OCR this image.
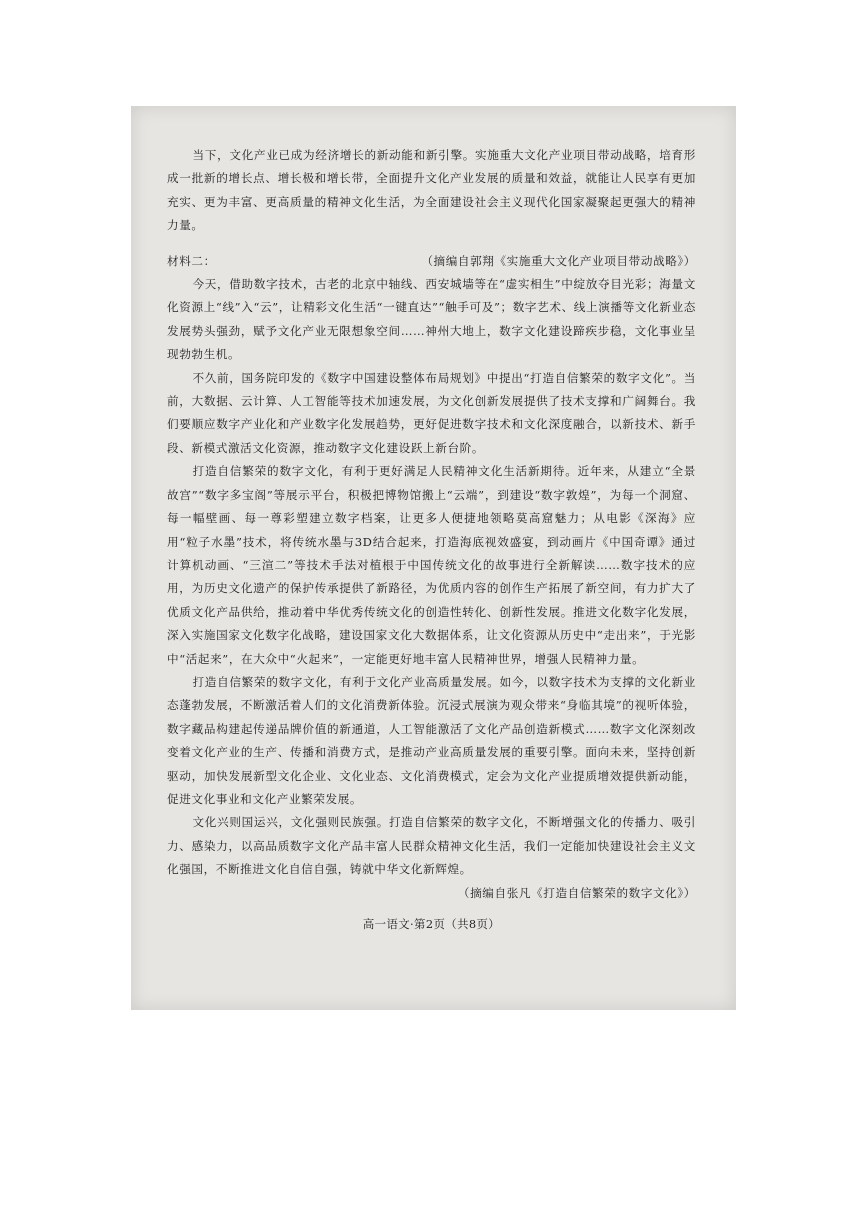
当下，文化产业已成为经济增长的新动能和新引擎。实施重大文化产业项目带动战略，培育形成一批新的增长点、增长极和增长带，全面提升文化产业发展的质量和效益，就能让人民享有更加充实、更为丰富、更高质量的精神文化生活，为全面建设社会主义现代化国家凝聚起更强大的精神力量。

材料二：	（摘编自郭翔《实施重大文化产业项目带动战略》）

今天，借助数字技术，古老的北京中轴线、西安城墙等在“虚实相生”中绽放夺目光彩；海量文化资源上“线”入“云”，让精彩文化生活“一键直达”“触手可及”；数字艺术、线上演播等文化新业态发展势头强劲，赋予文化产业无限想象空间……神州大地上，数字文化建设蹄疾步稳，文化事业呈现勃勃生机。

不久前，国务院印发的《数字中国建设整体布局规划》中提出“打造自信繁荣的数字文化”。当前，大数据、云计算、人工智能等技术加速发展，为文化创新发展提供了技术支撑和广阔舞台。我们要顺应数字产业化和产业数字化发展趋势，更好促进数字技术和文化深度融合，以新技术、新手段、新模式激活文化资源，推动数字文化建设跃上新台阶。

打造自信繁荣的数字文化，有利于更好满足人民精神文化生活新期待。近年来，从建立“全景故宫”“数字多宝阁”等展示平台，积极把博物馆搬上“云端”，到建设“数字敦煌”，为每一个洞窟、每一幅壁画、每一尊彩塑建立数字档案，让更多人便捷地领略莫高窟魅力；从电影《深海》应用“粒子水墨”技术，将传统水墨与3D结合起来，打造海底视效盛宴，到动画片《中国奇谭》通过计算机动画、“三渲二”等技术手法对植根于中国传统文化的故事进行全新解读……数字技术的应用，为历史文化遗产的保护传承提供了新路径，为优质内容的创作生产拓展了新空间，有力扩大了优质文化产品供给，推动着中华优秀传统文化的创造性转化、创新性发展。推进文化数字化发展，深入实施国家文化数字化战略，建设国家文化大数据体系，让文化资源从历史中“走出来”，于光影中“活起来”，在大众中“火起来”，一定能更好地丰富人民精神世界，增强人民精神力量。

打造自信繁荣的数字文化，有利于文化产业高质量发展。如今，以数字技术为支撑的文化新业态蓬勃发展，不断激活着人们的文化消费新体验。沉浸式展演为观众带来“身临其境”的视听体验，数字藏品构建起传递品牌价值的新通道，人工智能激活了文化产品创造新模式……数字文化深刻改变着文化产业的生产、传播和消费方式，是推动产业高质量发展的重要引擎。面向未来，坚持创新驱动，加快发展新型文化企业、文化业态、文化消费模式，定会为文化产业提质增效提供新动能，促进文化事业和文化产业繁荣发展。

文化兴则国运兴，文化强则民族强。打造自信繁荣的数字文化，不断增强文化的传播力、吸引力、感染力，以高品质数字文化产品丰富人民群众精神文化生活，我们一定能加快建设社会主义文化强国，不断推进文化自信自强，铸就中华文化新辉煌。

（摘编自张凡《打造自信繁荣的数字文化》）

高一语文·第2页（共8页）
